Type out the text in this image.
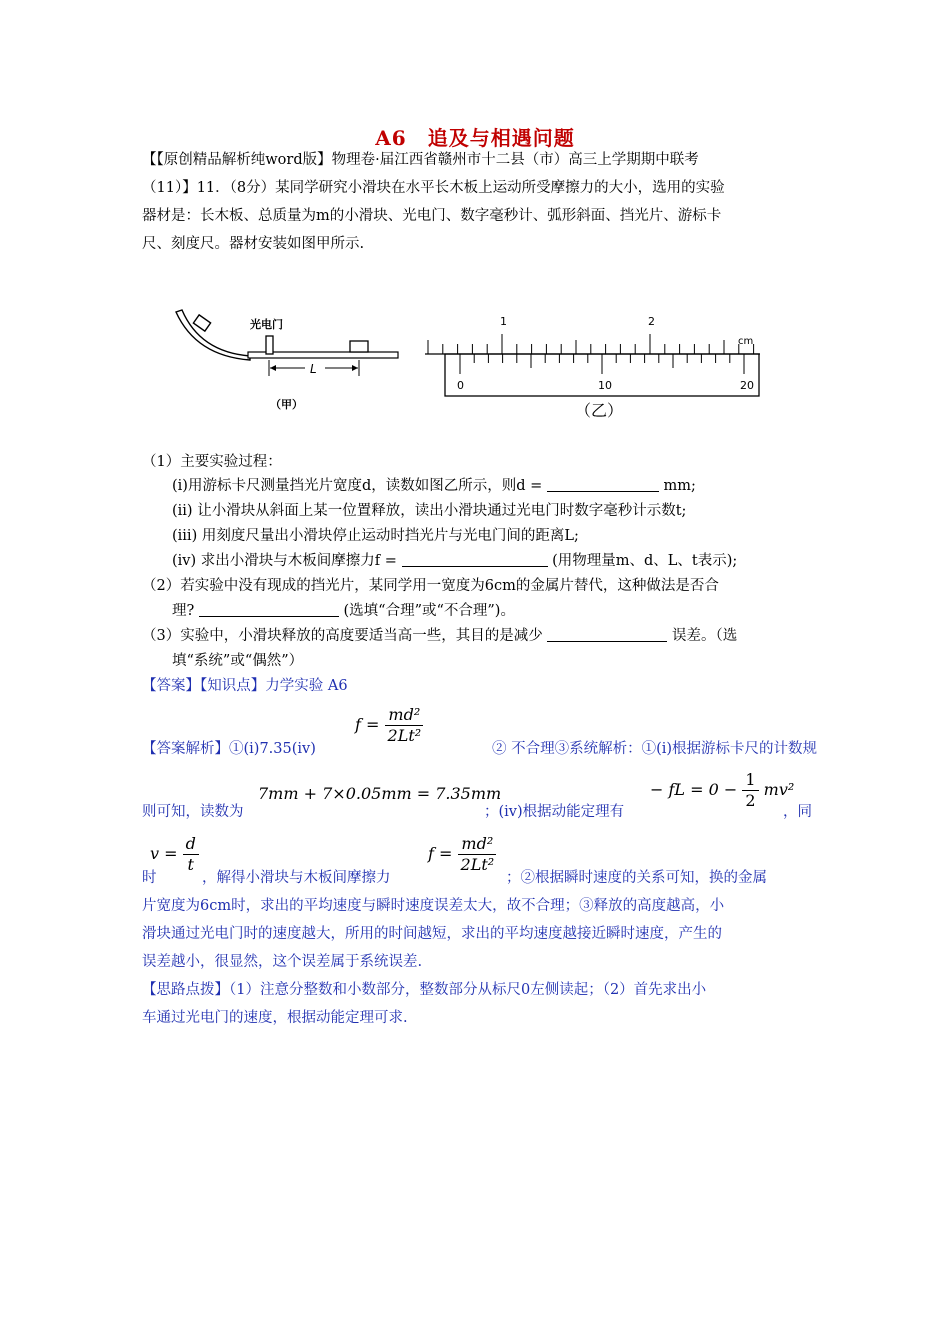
A6　追及与相遇问题
【【原创精品解析纯word版】物理卷·届江西省赣州市十二县（市）高三上学期期中联考
（11）】11．（8分）某同学研究小滑块在水平长木板上运动所受摩擦力的大小，选用的实验
器材是：长木板、总质量为m的小滑块、光电门、数字毫秒计、弧形斜面、挡光片、游标卡
尺、刻度尺。器材安装如图甲所示.
光电门
L
（甲）
1	2
cm
0	10	20
（乙）
（1）主要实验过程：
(i)用游标卡尺测量挡光片宽度d，读数如图乙所示，则d =	mm;
(ii) 让小滑块从斜面上某一位置释放，读出小滑块通过光电门时数字毫秒计示数t;
(iii) 用刻度尺量出小滑块停止运动时挡光片与光电门间的距离L;
(iv) 求出小滑块与木板间摩擦力f =	(用物理量m、d、L、t表示);
（2）若实验中没有现成的挡光片，某同学用一宽度为6cm的金属片替代，这种做法是否合
理?	(选填“合理”或“不合理”)。
（3）实验中，小滑块释放的高度要适当高一些，其目的是减少	误差。（选
填“系统”或“偶然”）
【答案】【知识点】力学实验 A6
$f = \frac{\text{md²}}{\text{2Lt²}}$
【答案解析】①(i)7.35(iv)	② 不合理③系统解析：①(i)根据游标卡尺的计数规
7mm + 7×0.05mm = 7.35mm	− fL = $0 - \frac{1}{2} mv^2$
则可知，读数为	；(iv)根据动能定理有	，同
$v = \frac{d}{t}$	$f = \frac{\text{md²}}{\text{2Lt²}}$
时	，解得小滑块与木板间摩擦力	；②根据瞬时速度的关系可知，换的金属
片宽度为6cm时，求出的平均速度与瞬时速度误差太大，故不合理；③释放的高度越高，小
滑块通过光电门时的速度越大，所用的时间越短，求出的平均速度越接近瞬时速度，产生的
误差越小，很显然，这个误差属于系统误差.
【思路点拨】（1）注意分整数和小数部分，整数部分从标尺0左侧读起；（2）首先求出小
车通过光电门的速度，根据动能定理可求.
